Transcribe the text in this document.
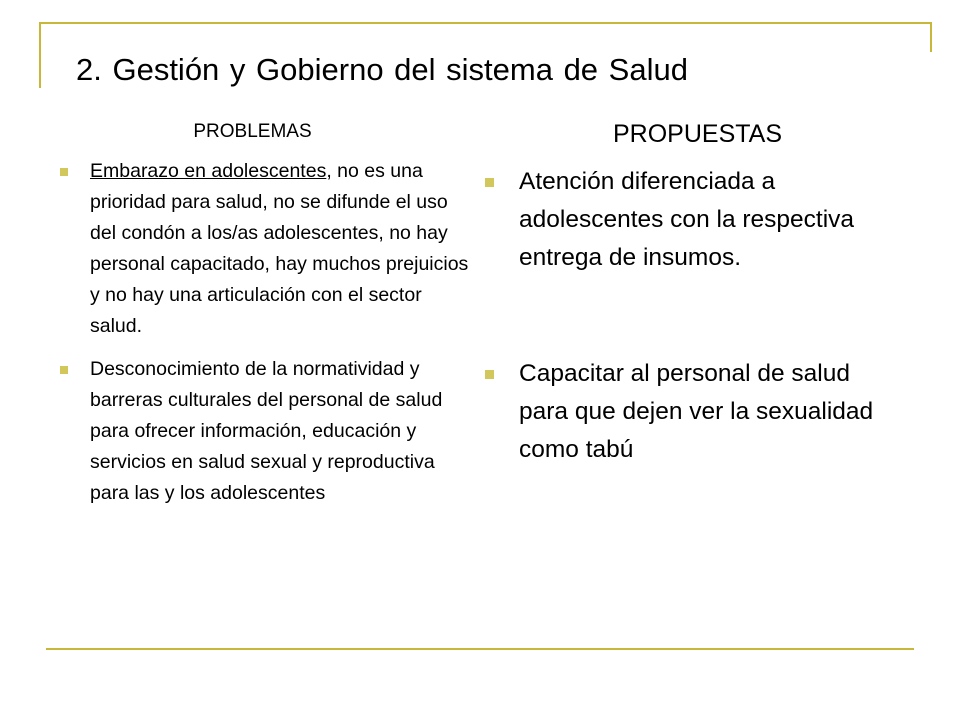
2. Gestión y Gobierno del sistema de Salud
PROBLEMAS	PROPUESTAS
Embarazo en adolescentes, no es una prioridad para salud, no se difunde el uso del condón a los/as adolescentes, no hay personal capacitado, hay muchos prejuicios y no hay una articulación con el sector salud.
Desconocimiento de la normatividad y barreras culturales del personal de salud para ofrecer información, educación y servicios en salud sexual y reproductiva para las y los adolescentes
Atención diferenciada a adolescentes con la respectiva entrega de insumos.
Capacitar al personal de salud para que dejen ver la sexualidad como tabú
